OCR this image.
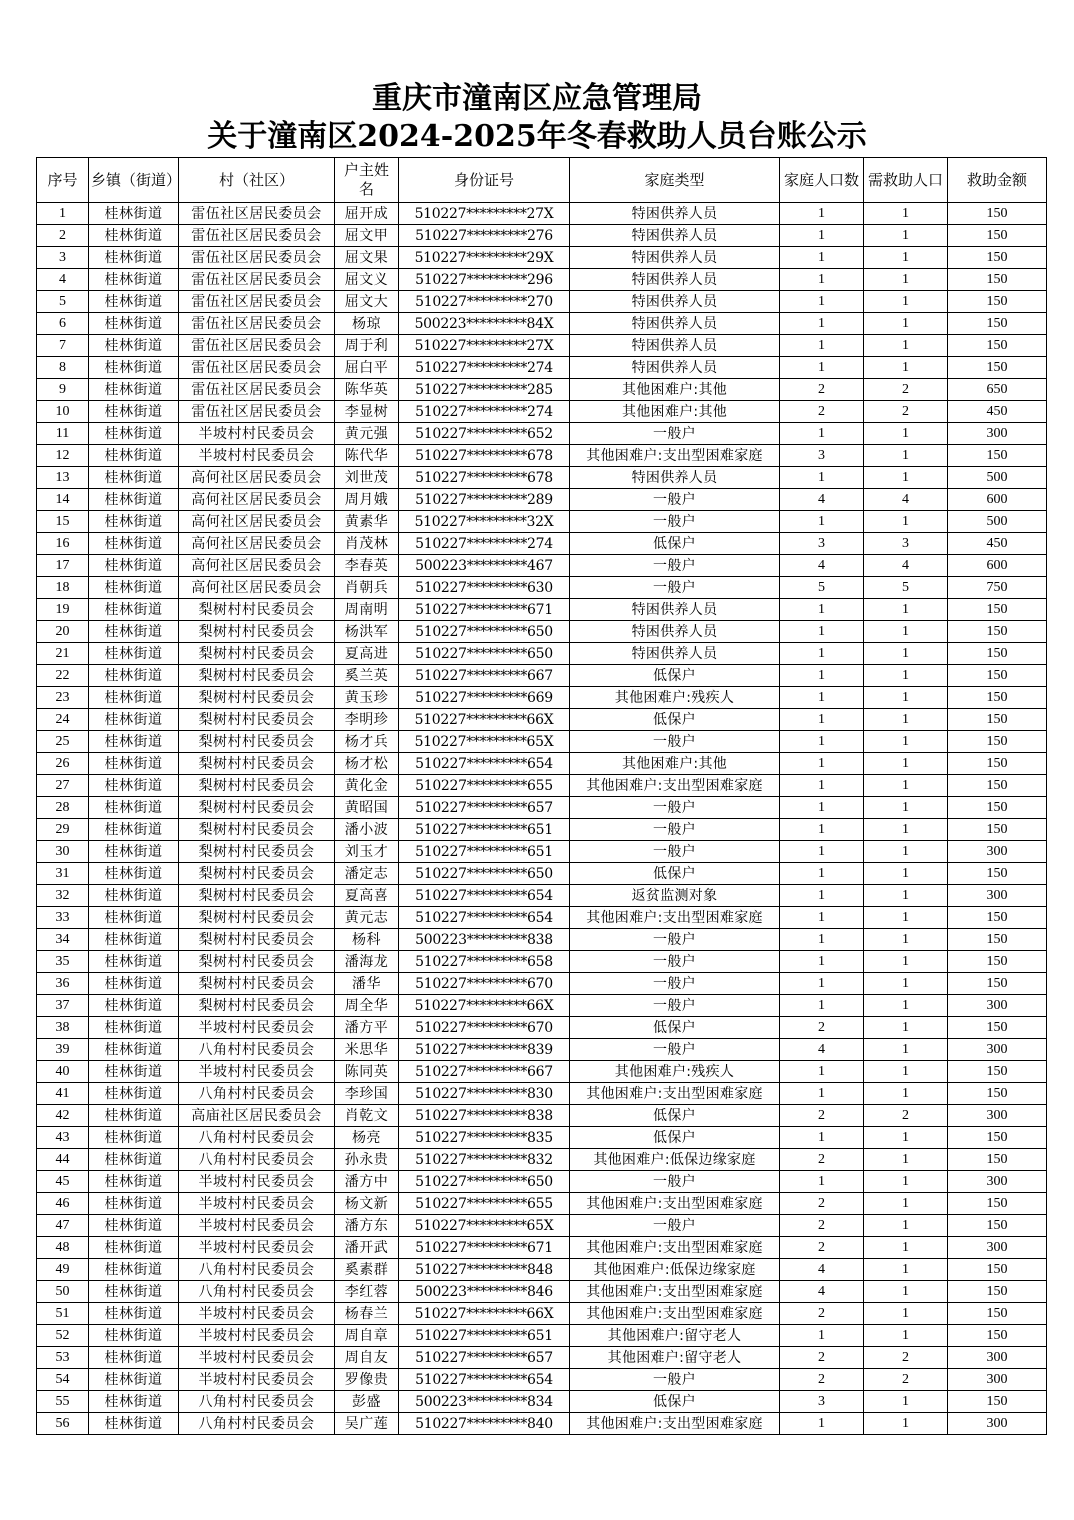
重庆市潼南区应急管理局
关于潼南区2024-2025年冬春救助人员台账公示
序号	乡镇（街道）	村（社区）	户主姓名	身份证号	家庭类型	家庭人口数	需救助人口	救助金额
1	桂林街道	雷伍社区居民委员会	屈开成	510227*********27X	特困供养人员	1	1	150
2	桂林街道	雷伍社区居民委员会	屈文甲	510227*********276	特困供养人员	1	1	150
3	桂林街道	雷伍社区居民委员会	屈文果	510227*********29X	特困供养人员	1	1	150
4	桂林街道	雷伍社区居民委员会	屈文义	510227*********296	特困供养人员	1	1	150
5	桂林街道	雷伍社区居民委员会	屈文大	510227*********270	特困供养人员	1	1	150
6	桂林街道	雷伍社区居民委员会	杨琼	500223*********84X	特困供养人员	1	1	150
7	桂林街道	雷伍社区居民委员会	周于利	510227*********27X	特困供养人员	1	1	150
8	桂林街道	雷伍社区居民委员会	屈白平	510227*********274	特困供养人员	1	1	150
9	桂林街道	雷伍社区居民委员会	陈华英	510227*********285	其他困难户:其他	2	2	650
10	桂林街道	雷伍社区居民委员会	李显树	510227*********274	其他困难户:其他	2	2	450
11	桂林街道	半坡村村民委员会	黄元强	510227*********652	一般户	1	1	300
12	桂林街道	半坡村村民委员会	陈代华	510227*********678	其他困难户:支出型困难家庭	3	1	150
13	桂林街道	高何社区居民委员会	刘世茂	510227*********678	特困供养人员	1	1	500
14	桂林街道	高何社区居民委员会	周月娥	510227*********289	一般户	4	4	600
15	桂林街道	高何社区居民委员会	黄素华	510227*********32X	一般户	1	1	500
16	桂林街道	高何社区居民委员会	肖茂林	510227*********274	低保户	3	3	450
17	桂林街道	高何社区居民委员会	李春英	500223*********467	一般户	4	4	600
18	桂林街道	高何社区居民委员会	肖朝兵	510227*********630	一般户	5	5	750
19	桂林街道	梨树村村民委员会	周南明	510227*********671	特困供养人员	1	1	150
20	桂林街道	梨树村村民委员会	杨洪军	510227*********650	特困供养人员	1	1	150
21	桂林街道	梨树村村民委员会	夏高进	510227*********650	特困供养人员	1	1	150
22	桂林街道	梨树村村民委员会	奚兰英	510227*********667	低保户	1	1	150
23	桂林街道	梨树村村民委员会	黄玉珍	510227*********669	其他困难户:残疾人	1	1	150
24	桂林街道	梨树村村民委员会	李明珍	510227*********66X	低保户	1	1	150
25	桂林街道	梨树村村民委员会	杨才兵	510227*********65X	一般户	1	1	150
26	桂林街道	梨树村村民委员会	杨才松	510227*********654	其他困难户:其他	1	1	150
27	桂林街道	梨树村村民委员会	黄化金	510227*********655	其他困难户:支出型困难家庭	1	1	150
28	桂林街道	梨树村村民委员会	黄昭国	510227*********657	一般户	1	1	150
29	桂林街道	梨树村村民委员会	潘小波	510227*********651	一般户	1	1	150
30	桂林街道	梨树村村民委员会	刘玉才	510227*********651	一般户	1	1	300
31	桂林街道	梨树村村民委员会	潘定志	510227*********650	低保户	1	1	150
32	桂林街道	梨树村村民委员会	夏高喜	510227*********654	返贫监测对象	1	1	300
33	桂林街道	梨树村村民委员会	黄元志	510227*********654	其他困难户:支出型困难家庭	1	1	150
34	桂林街道	梨树村村民委员会	杨科	500223*********838	一般户	1	1	150
35	桂林街道	梨树村村民委员会	潘海龙	510227*********658	一般户	1	1	150
36	桂林街道	梨树村村民委员会	潘华	510227*********670	一般户	1	1	150
37	桂林街道	梨树村村民委员会	周全华	510227*********66X	一般户	1	1	300
38	桂林街道	半坡村村民委员会	潘方平	510227*********670	低保户	2	1	150
39	桂林街道	八角村村民委员会	米思华	510227*********839	一般户	4	1	300
40	桂林街道	半坡村村民委员会	陈同英	510227*********667	其他困难户:残疾人	1	1	150
41	桂林街道	八角村村民委员会	李珍国	510227*********830	其他困难户:支出型困难家庭	1	1	150
42	桂林街道	高庙社区居民委员会	肖乾文	510227*********838	低保户	2	2	300
43	桂林街道	八角村村民委员会	杨亮	510227*********835	低保户	1	1	150
44	桂林街道	八角村村民委员会	孙永贵	510227*********832	其他困难户:低保边缘家庭	2	1	150
45	桂林街道	半坡村村民委员会	潘方中	510227*********650	一般户	1	1	300
46	桂林街道	半坡村村民委员会	杨文新	510227*********655	其他困难户:支出型困难家庭	2	1	150
47	桂林街道	半坡村村民委员会	潘方东	510227*********65X	一般户	2	1	150
48	桂林街道	半坡村村民委员会	潘开武	510227*********671	其他困难户:支出型困难家庭	2	1	300
49	桂林街道	八角村村民委员会	奚素群	510227*********848	其他困难户:低保边缘家庭	4	1	150
50	桂林街道	八角村村民委员会	李红蓉	500223*********846	其他困难户:支出型困难家庭	4	1	150
51	桂林街道	半坡村村民委员会	杨春兰	510227*********66X	其他困难户:支出型困难家庭	2	1	150
52	桂林街道	半坡村村民委员会	周自章	510227*********651	其他困难户:留守老人	1	1	150
53	桂林街道	半坡村村民委员会	周自友	510227*********657	其他困难户:留守老人	2	2	300
54	桂林街道	半坡村村民委员会	罗像贵	510227*********654	一般户	2	2	300
55	桂林街道	八角村村民委员会	彭盛	500223*********834	低保户	3	1	150
56	桂林街道	八角村村民委员会	吴广莲	510227*********840	其他困难户:支出型困难家庭	1	1	300
